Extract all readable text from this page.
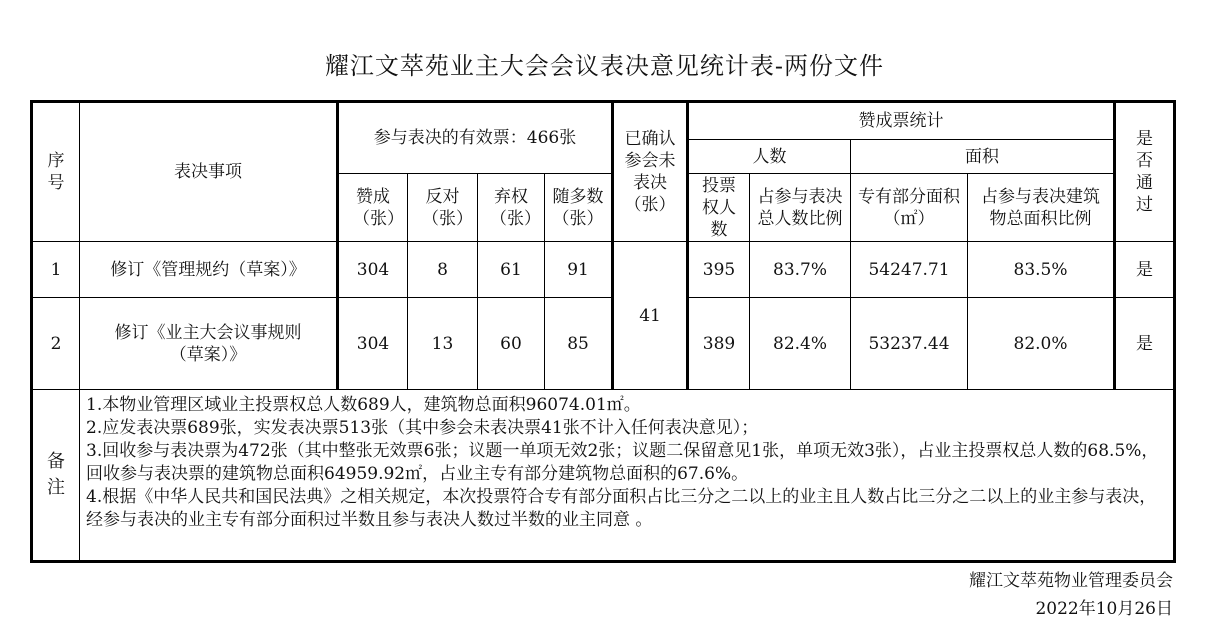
耀江文萃苑业主大会会议表决意见统计表-两份文件
序号	表决事项	参与表决的有效票：466张				已确认参会未表决（张）	赞成票统计				是否通过
							人数		面积		
		赞成（张）	反对（张）	弃权（张）	随多数（张）		投票权人数	占参与表决总人数比例	专有部分面积（㎡）	占参与表决建筑物总面积比例	
1	修订《管理规约（草案）》	304	8	61	91	41	395	83.7%	54247.71	83.5%	是
2	修订《业主大会议事规则（草案）》	304	13	60	85		389	82.4%	53237.44	82.0%	是
备注	1.本物业管理区域业主投票权总人数689人，建筑物总面积96074.01㎡。
2.应发表决票689张，实发表决票513张（其中参会未表决票41张不计入任何表决意见）；
3.回收参与表决票为472张（其中整张无效票6张；议题一单项无效2张；议题二保留意见1张，单项无效3张），占业主投票权总人数的68.5%，回收参与表决票的建筑物总面积64959.92㎡，占业主专有部分建筑物总面积的67.6%。
4.根据《中华人民共和国民法典》之相关规定，本次投票符合专有部分面积占比三分之二以上的业主且人数占比三分之二以上的业主参与表决，经参与表决的业主专有部分面积过半数且参与表决人数过半数的业主同意 。										
耀江文萃苑物业管理委员会
2022年10月26日
